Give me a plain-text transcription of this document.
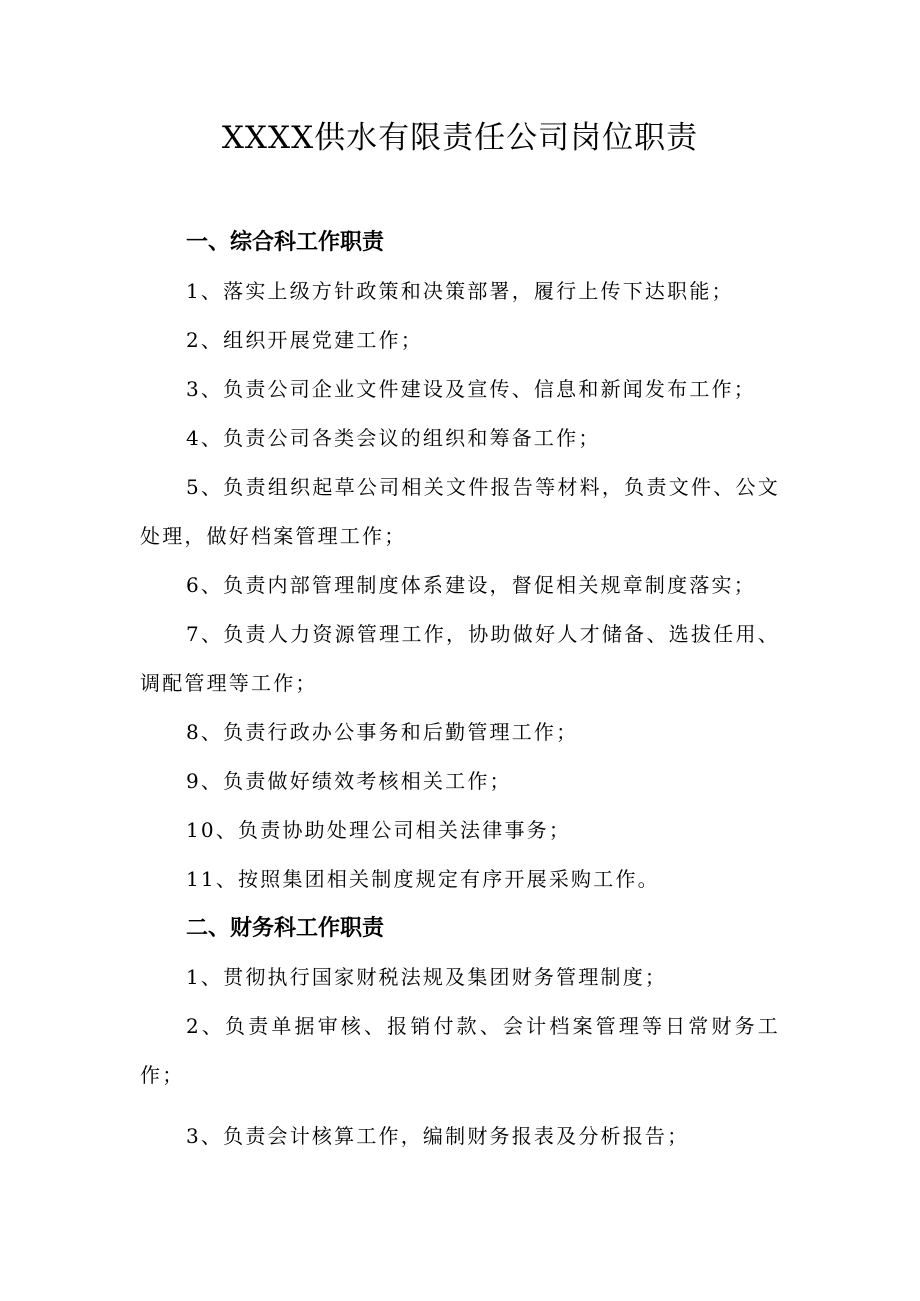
XXXX供水有限责任公司岗位职责

一、综合科工作职责

1、落实上级方针政策和决策部署，履行上传下达职能；

2、组织开展党建工作；

3、负责公司企业文件建设及宣传、信息和新闻发布工作；

4、负责公司各类会议的组织和筹备工作；

5、负责组织起草公司相关文件报告等材料，负责文件、公文处理，做好档案管理工作；

6、负责内部管理制度体系建设，督促相关规章制度落实；

7、负责人力资源管理工作，协助做好人才储备、选拔任用、调配管理等工作；

8、负责行政办公事务和后勤管理工作；

9、负责做好绩效考核相关工作；

10、负责协助处理公司相关法律事务；

11、按照集团相关制度规定有序开展采购工作。

二、财务科工作职责

1、贯彻执行国家财税法规及集团财务管理制度；

2、负责单据审核、报销付款、会计档案管理等日常财务工作；

3、负责会计核算工作，编制财务报表及分析报告；
